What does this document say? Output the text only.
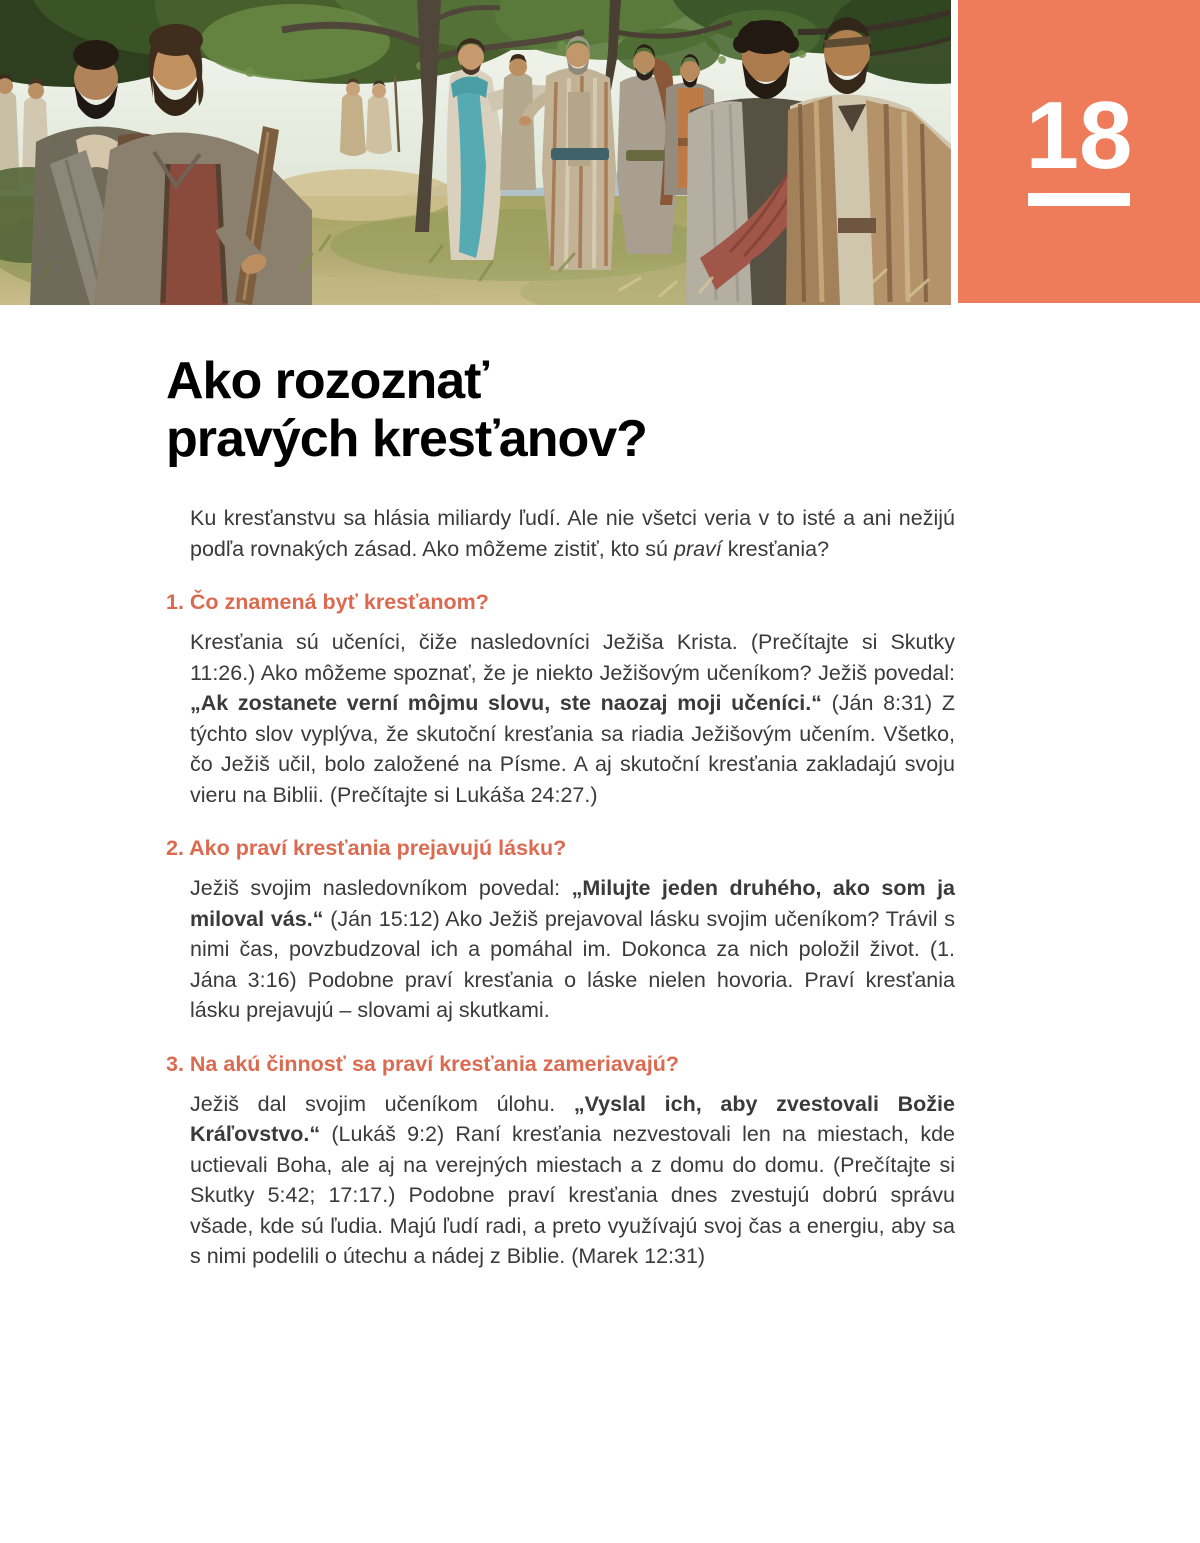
18
Ako rozoznať
pravých kresťanov?

Ku kresťanstvu sa hlásia miliardy ľudí. Ale nie všetci veria v to isté a ani nežijú podľa rovnakých zásad. Ako môžeme zistiť, kto sú praví kresťania?

1. Čo znamená byť kresťanom?

Kresťania sú učeníci, čiže nasledovníci Ježiša Krista. (Prečítajte si Skutky 11:26.) Ako môžeme spoznať, že je niekto Ježišovým učeníkom? Ježiš povedal: „Ak zostanete verní môjmu slovu, ste naozaj moji učeníci.“ (Ján 8:31) Z týchto slov vyplýva, že skutoční kresťania sa riadia Ježišovým učením. Všetko, čo Ježiš učil, bolo založené na Písme. A aj skutoční kresťania zakladajú svoju vieru na Biblii. (Prečítajte si Lukáša 24:27.)

2. Ako praví kresťania prejavujú lásku?

Ježiš svojim nasledovníkom povedal: „Milujte jeden druhého, ako som ja miloval vás.“ (Ján 15:12) Ako Ježiš prejavoval lásku svojim učeníkom? Trávil s nimi čas, povzbudzoval ich a pomáhal im. Dokonca za nich položil život. (1. Jána 3:16) Podobne praví kresťania o láske nielen hovoria. Praví kresťania lásku prejavujú – slovami aj skutkami.

3. Na akú činnosť sa praví kresťania zameriavajú?

Ježiš dal svojim učeníkom úlohu. „Vyslal ich, aby zvestovali Božie Kráľovstvo.“ (Lukáš 9:2) Raní kresťania nezvestovali len na miestach, kde uctievali Boha, ale aj na verejných miestach a z domu do domu. (Prečítajte si Skutky 5:42; 17:17.) Podobne praví kresťania dnes zvestujú dobrú správu všade, kde sú ľudia. Majú ľudí radi, a preto využívajú svoj čas a energiu, aby sa s nimi podelili o útechu a nádej z Biblie. (Marek 12:31)
